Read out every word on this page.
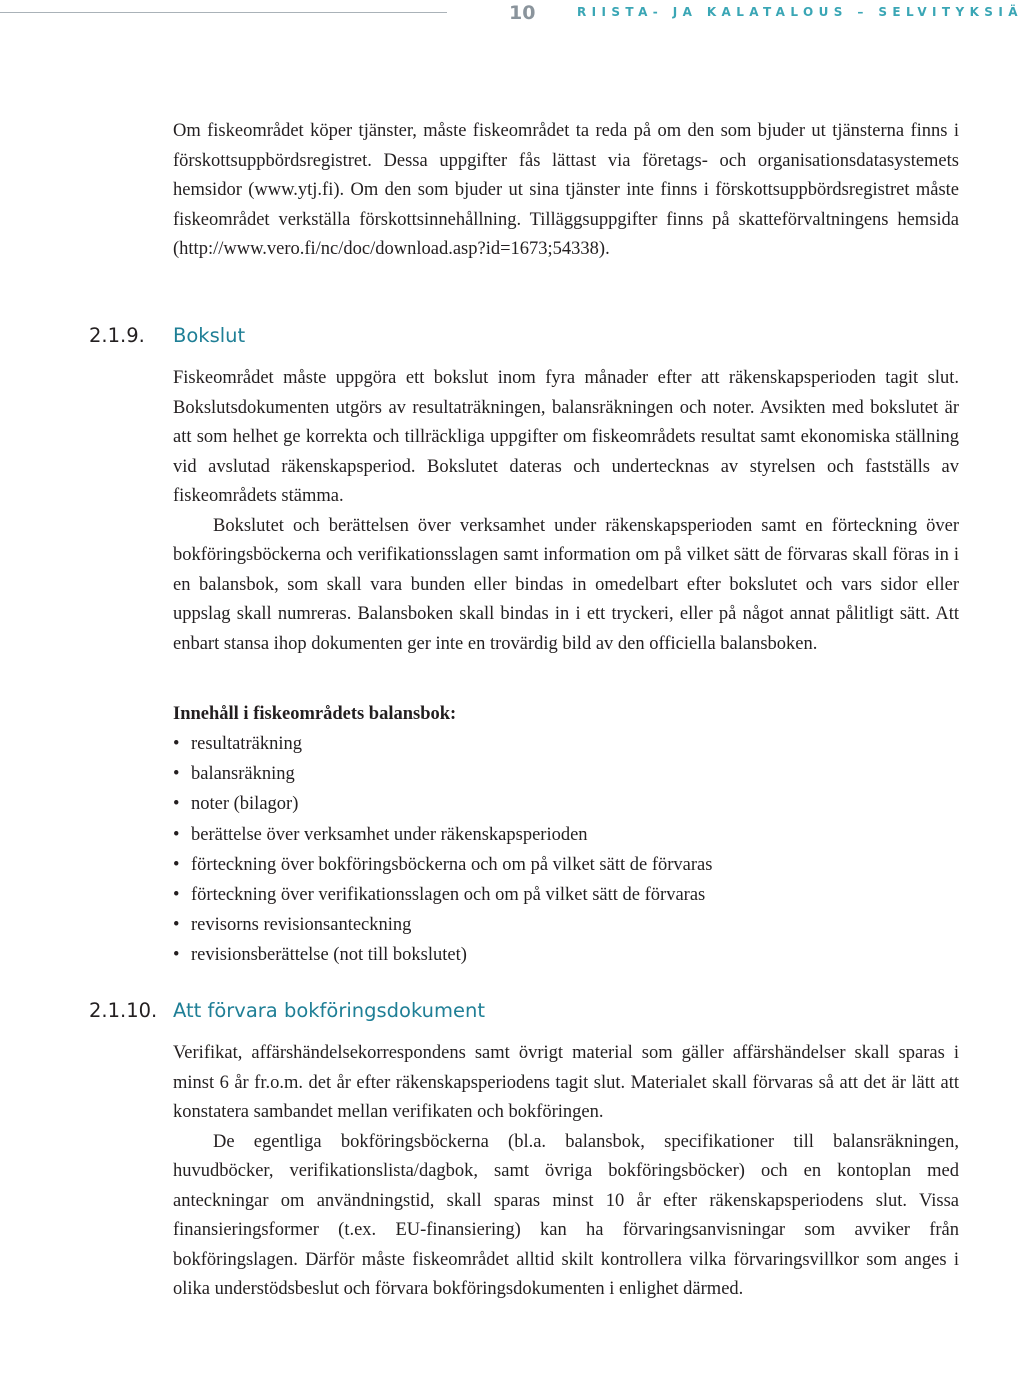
10	RIISTA- JA KALATALOUS – SELVITYKSIÄ

Om fiskeområdet köper tjänster, måste fiskeområdet ta reda på om den som bjuder ut tjänsterna finns i förskottsuppbördsregistret. Dessa uppgifter fås lättast via företags- och organisationsdatasystemets hemsidor (www.ytj.fi). Om den som bjuder ut sina tjänster inte finns i förskottsuppbördsregistret måste fiskeområdet verkställa förskottsinnehållning. Tilläggsuppgifter finns på skatteförvaltningens hemsida (http://www.vero.fi/nc/doc/download.asp?id=1673;54338).

2.1.9. Bokslut

Fiskeområdet måste uppgöra ett bokslut inom fyra månader efter att räkenskapsperioden tagit slut. Bokslutsdokumenten utgörs av resultaträkningen, balansräkningen och noter. Avsikten med bokslutet är att som helhet ge korrekta och tillräckliga uppgifter om fiskeområdets resultat samt ekonomiska ställning vid avslutad räkenskapsperiod. Bokslutet dateras och undertecknas av styrelsen och fastställs av fiskeområdets stämma.

Bokslutet och berättelsen över verksamhet under räkenskapsperioden samt en förteckning över bokföringsböckerna och verifikationsslagen samt information om på vilket sätt de förvaras skall föras in i en balansbok, som skall vara bunden eller bindas in omedelbart efter bokslutet och vars sidor eller uppslag skall numreras. Balansboken skall bindas in i ett tryckeri, eller på något annat pålitligt sätt. Att enbart stansa ihop dokumenten ger inte en trovärdig bild av den officiella balansboken.

Innehåll i fiskeområdets balansbok:
• resultaträkning
• balansräkning
• noter (bilagor)
• berättelse över verksamhet under räkenskapsperioden
• förteckning över bokföringsböckerna och om på vilket sätt de förvaras
• förteckning över verifikationsslagen och om på vilket sätt de förvaras
• revisorns revisionsanteckning
• revisionsberättelse (not till bokslutet)
2.1.10. Att förvara bokföringsdokument

Verifikat, affärshändelsekorrespondens samt övrigt material som gäller affärshändelser skall sparas i minst 6 år fr.o.m. det år efter räkenskapsperiodens tagit slut. Materialet skall förvaras så att det är lätt att konstatera sambandet mellan verifikaten och bokföringen.

De egentliga bokföringsböckerna (bl.a. balansbok, specifikationer till balansräkningen, huvudböcker, verifikationslista/dagbok, samt övriga bokföringsböcker) och en kontoplan med anteckningar om användningstid, skall sparas minst 10 år efter räkenskapsperiodens slut. Vissa finansieringsformer (t.ex. EU-finansiering) kan ha förvaringsanvisningar som avviker från bokföringslagen. Därför måste fiskeområdet alltid skilt kontrollera vilka förvaringsvillkor som anges i olika understödsbeslut och förvara bokföringsdokumenten i enlighet därmed.
